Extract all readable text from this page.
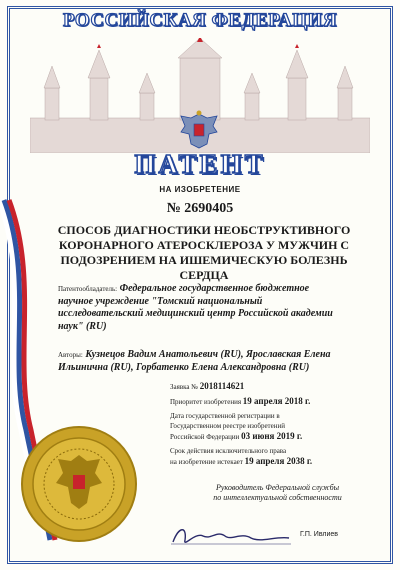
РОССИЙСКАЯ ФЕДЕРАЦИЯ
ПАТЕНТ
НА ИЗОБРЕТЕНИЕ
№ 2690405
СПОСОБ ДИАГНОСТИКИ НЕОБСТРУКТИВНОГО
КОРОНАРНОГО АТЕРОСКЛЕРОЗА У МУЖЧИН С
ПОДОЗРЕНИЕМ НА ИШЕМИЧЕСКУЮ БОЛЕЗНЬ
СЕРДЦА
Патентообладатель: Федеральное государственное бюджетное
научное учреждение "Томский национальный
исследовательский медицинский центр Российской академии
наук" (RU)
Авторы: Кузнецов Вадим Анатольевич (RU), Ярославская Елена
Ильинична (RU), Горбатенко Елена Александровна (RU)

Заявка № 2018114621

Приоритет изобретения 19 апреля 2018 г.

Дата государственной регистрации в
Государственном реестре изобретений
Российской Федерации 03 июня 2019 г.

Срок действия исключительного права
на изобретение истекает 19 апреля 2038 г.

Руководитель Федеральной службы
по интеллектуальной собственности
Г.П. Ивлиев
